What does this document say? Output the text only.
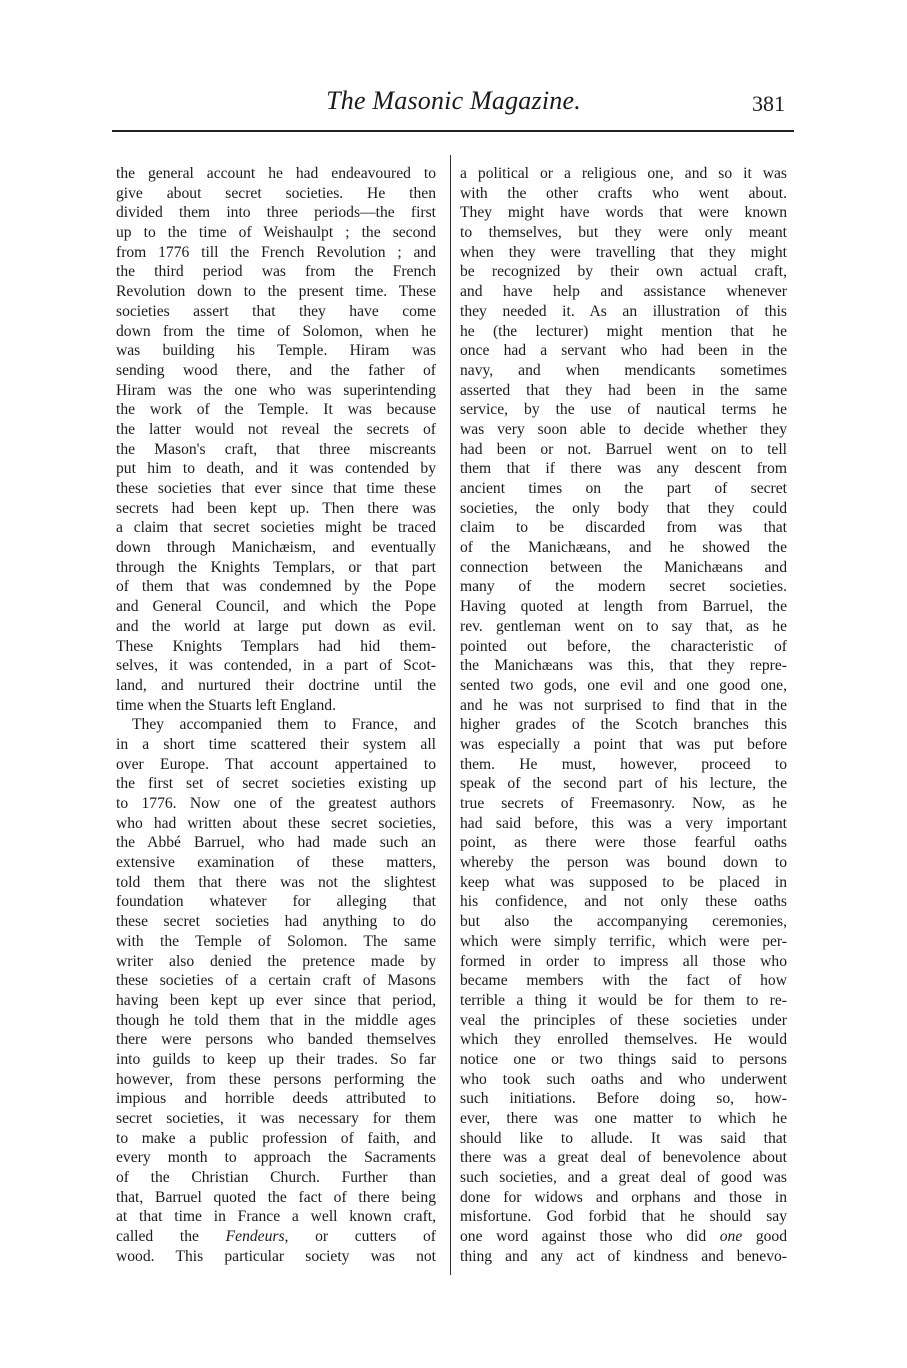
The Masonic Magazine.	381
the general account he had endeavoured to
give about secret societies. He then
divided them into three periods—the first
up to the time of Weishaulpt ; the second
from 1776 till the French Revolution ; and
the third period was from the French
Revolution down to the present time. These
societies assert that they have come
down from the time of Solomon, when he
was building his Temple. Hiram was
sending wood there, and the father of
Hiram was the one who was superintending
the work of the Temple. It was because
the latter would not reveal the secrets of
the Mason's craft, that three miscreants
put him to death, and it was contended by
these societies that ever since that time these
secrets had been kept up. Then there was
a claim that secret societies might be traced
down through Manichæism, and eventually
through the Knights Templars, or that part
of them that was condemned by the Pope
and General Council, and which the Pope
and the world at large put down as evil.
These Knights Templars had hid them-
selves, it was contended, in a part of Scot-
land, and nurtured their doctrine until the
time when the Stuarts left England.
They accompanied them to France, and
in a short time scattered their system all
over Europe. That account appertained to
the first set of secret societies existing up
to 1776. Now one of the greatest authors
who had written about these secret societies,
the Abbé Barruel, who had made such an
extensive examination of these matters,
told them that there was not the slightest
foundation whatever for alleging that
these secret societies had anything to do
with the Temple of Solomon. The same
writer also denied the pretence made by
these societies of a certain craft of Masons
having been kept up ever since that period,
though he told them that in the middle ages
there were persons who banded themselves
into guilds to keep up their trades. So far
however, from these persons performing the
impious and horrible deeds attributed to
secret societies, it was necessary for them
to make a public profession of faith, and
every month to approach the Sacraments
of the Christian Church. Further than
that, Barruel quoted the fact of there being
at that time in France a well known craft,
called the Fendeurs, or cutters of
wood. This particular society was not
a political or a religious one, and so it was
with the other crafts who went about.
They might have words that were known
to themselves, but they were only meant
when they were travelling that they might
be recognized by their own actual craft,
and have help and assistance whenever
they needed it. As an illustration of this
he (the lecturer) might mention that he
once had a servant who had been in the
navy, and when mendicants sometimes
asserted that they had been in the same
service, by the use of nautical terms he
was very soon able to decide whether they
had been or not. Barruel went on to tell
them that if there was any descent from
ancient times on the part of secret
societies, the only body that they could
claim to be discarded from was that
of the Manichæans, and he showed the
connection between the Manichæans and
many of the modern secret societies.
Having quoted at length from Barruel, the
rev. gentleman went on to say that, as he
pointed out before, the characteristic of
the Manichæans was this, that they repre-
sented two gods, one evil and one good one,
and he was not surprised to find that in the
higher grades of the Scotch branches this
was especially a point that was put before
them. He must, however, proceed to
speak of the second part of his lecture, the
true secrets of Freemasonry. Now, as he
had said before, this was a very important
point, as there were those fearful oaths
whereby the person was bound down to
keep what was supposed to be placed in
his confidence, and not only these oaths
but also the accompanying ceremonies,
which were simply terrific, which were per-
formed in order to impress all those who
became members with the fact of how
terrible a thing it would be for them to re-
veal the principles of these societies under
which they enrolled themselves. He would
notice one or two things said to persons
who took such oaths and who underwent
such initiations. Before doing so, how-
ever, there was one matter to which he
should like to allude. It was said that
there was a great deal of benevolence about
such societies, and a great deal of good was
done for widows and orphans and those in
misfortune. God forbid that he should say
one word against those who did one good
thing and any act of kindness and benevo-
